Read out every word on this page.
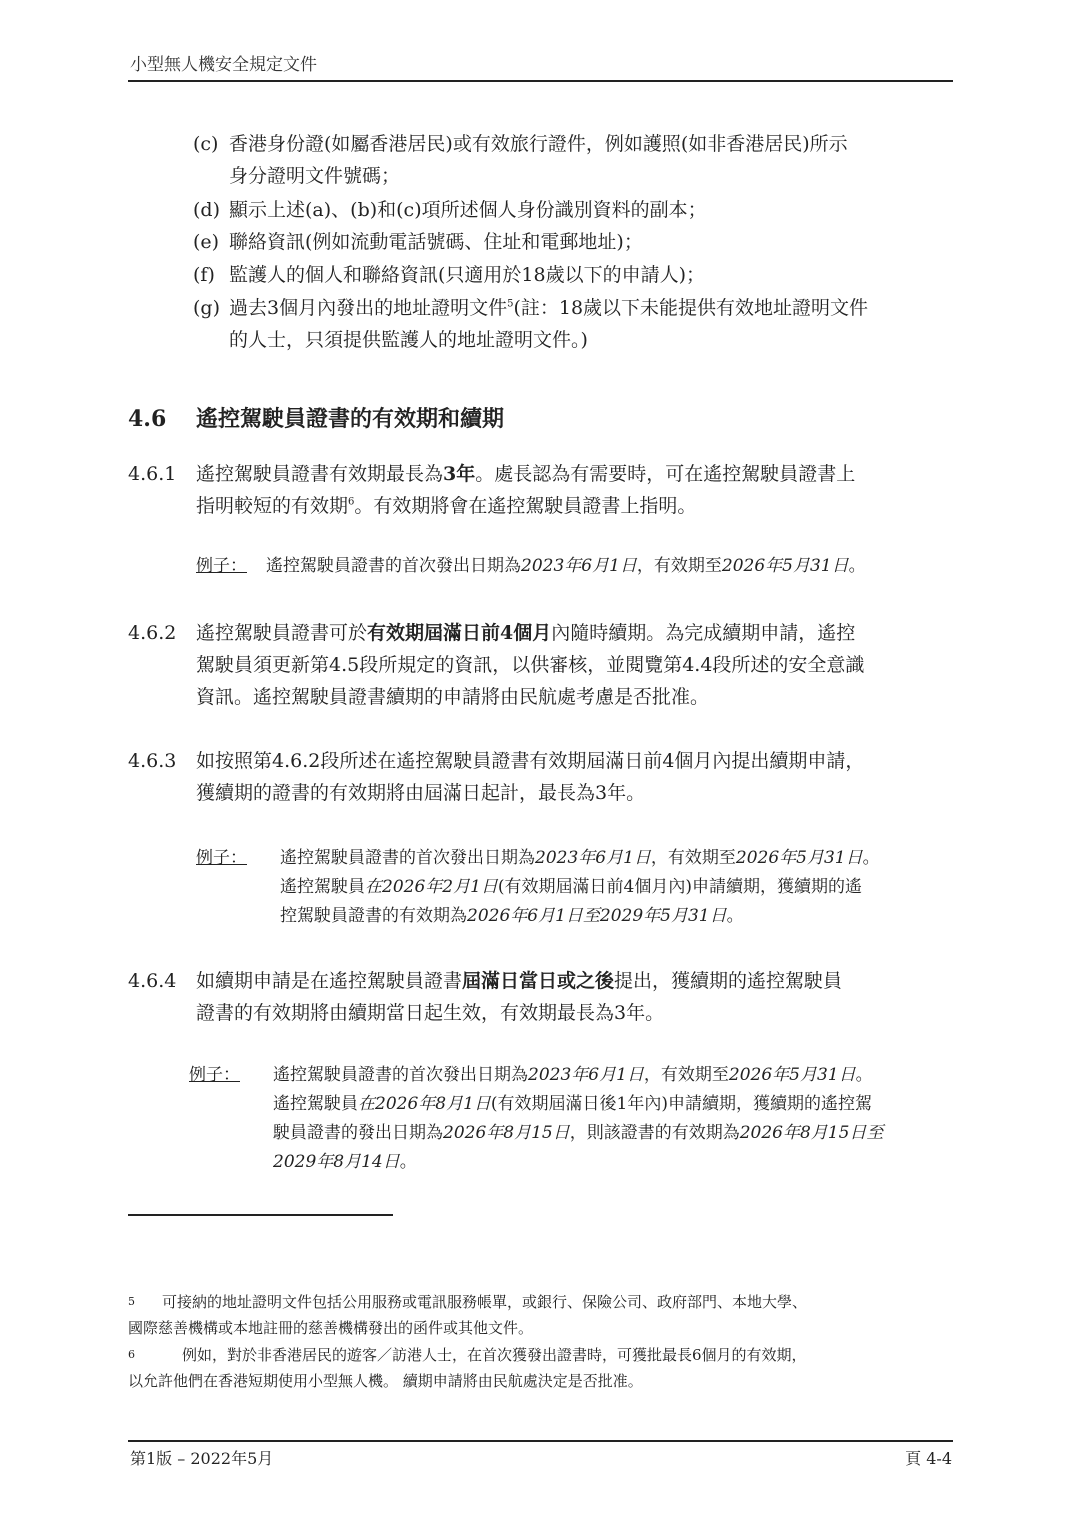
小型無人機安全規定文件
(c) 香港身份證(如屬香港居民)或有效旅行證件，例如護照(如非香港居民)所示
身分證明文件號碼；
(d) 顯示上述(a)、(b)和(c)項所述個人身份識別資料的副本；
(e) 聯絡資訊(例如流動電話號碼、住址和電郵地址)；
(f) 監護人的個人和聯絡資訊(只適用於18歲以下的申請人)；
(g) 過去3個月內發出的地址證明文件$^5$(註：18歲以下未能提供有效地址證明文件
的人士，只須提供監護人的地址證明文件。)
4.6 遙控駕駛員證書的有效期和續期
4.6.1 遙控駕駛員證書有效期最長為3年。處長認為有需要時，可在遙控駕駛員證書上
指明較短的有效期$^6$。有效期將會在遙控駕駛員證書上指明。
例子：	遙控駕駛員證書的首次發出日期為2023年6月1日，有效期至2026年5月31日。
4.6.2 遙控駕駛員證書可於有效期屆滿日前4個月內隨時續期。為完成續期申請，遙控
駕駛員須更新第4.5段所規定的資訊，以供審核，並閱覽第4.4段所述的安全意識
資訊。遙控駕駛員證書續期的申請將由民航處考慮是否批准。
4.6.3 如按照第4.6.2段所述在遙控駕駛員證書有效期屆滿日前4個月內提出續期申請，
獲續期的證書的有效期將由屆滿日起計，最長為3年。
例子：	遙控駕駛員證書的首次發出日期為2023年6月1日，有效期至2026年5月31日。
遙控駕駛員在2026年2月1日(有效期屆滿日前4個月內)申請續期，獲續期的遙
控駕駛員證書的有效期為2026年6月1日至2029年5月31日。
4.6.4 如續期申請是在遙控駕駛員證書屆滿日當日或之後提出，獲續期的遙控駕駛員
證書的有效期將由續期當日起生效，有效期最長為3年。
例子：	遙控駕駛員證書的首次發出日期為2023年6月1日，有效期至2026年5月31日。
遙控駕駛員在2026年8月1日(有效期屆滿日後1年內)申請續期，獲續期的遙控駕
駛員證書的發出日期為2026年8月15日，則該證書的有效期為2026年8月15日至
2029年8月14日。
5 可接納的地址證明文件包括公用服務或電訊服務帳單，或銀行、保險公司、政府部門、本地大學、
國際慈善機構或本地註冊的慈善機構發出的函件或其他文件。
6	例如，對於非香港居民的遊客／訪港人士，在首次獲發出證書時，可獲批最長6個月的有效期，
以允許他們在香港短期使用小型無人機。 續期申請將由民航處決定是否批准。
第1版 – 2022年5月	頁 4-4
